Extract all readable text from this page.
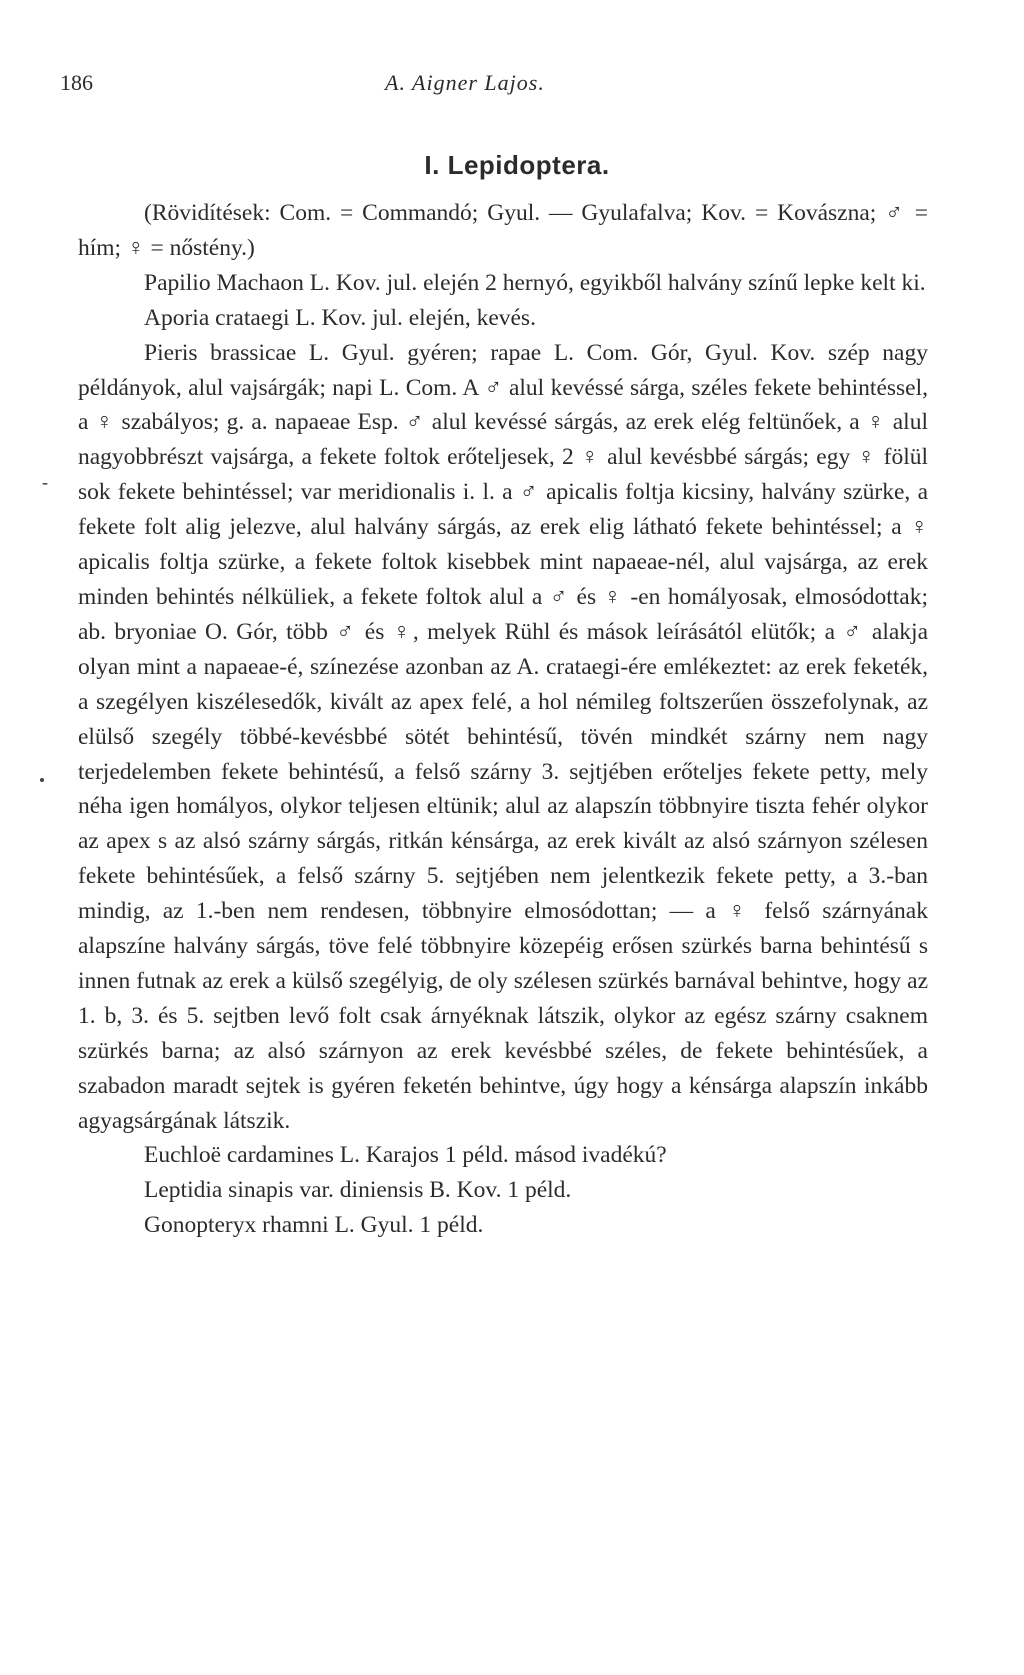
186	A. Aigner Lajos.
I. Lepidoptera.
-

(Rövidítések: Com. = Commandó; Gyul. — Gyulafalva; Kov. = Kovászna; ♂ = hím; ♀ = nőstény.)

Papilio Machaon L. Kov. jul. elején 2 hernyó, egyikből halvány színű lepke kelt ki.

Aporia crataegi L. Kov. jul. elején, kevés.

Pieris brassicae L. Gyul. gyéren; rapae L. Com. Gór, Gyul. Kov. szép nagy példányok, alul vajsárgák; napi L. Com. A ♂ alul kevéssé sárga, széles fekete behintéssel, a ♀ szabályos; g. a. napaeae Esp. ♂ alul kevéssé sárgás, az erek elég feltünőek, a ♀ alul nagyobbrészt vajsárga, a fekete foltok erőteljesek, 2 ♀ alul kevésbbé sárgás; egy ♀ fölül sok fekete behintéssel; var meridionalis i. l. a ♂ apicalis foltja kicsiny, halvány szürke, a fekete folt alig jelezve, alul halvány sárgás, az erek elig látható fekete behintéssel; a ♀ apicalis foltja szürke, a fekete foltok kisebbek mint napaeae-nél, alul vajsárga, az erek minden behintés nélküliek, a fekete foltok alul a ♂ és ♀ -en homályosak, elmosódottak; ab. bryoniae O. Gór, több ♂ és ♀, melyek Rühl és mások leírásától elütők; a ♂ alakja olyan mint a napaeae-é, színezése azonban az A. crataegi-ére emlékeztet: az erek feketék, a szegélyen kiszélesedők, kivált az apex felé, a hol némileg foltszerűen összefolynak, az elülső szegély többé-kevésbbé sötét behintésű, tövén mindkét szárny nem nagy terjedelemben fekete behintésű, a felső szárny 3. sejtjében erőteljes fekete petty, mely néha igen homályos, olykor teljesen eltünik; alul az alapszín többnyire tiszta fehér olykor az apex s az alsó szárny sárgás, ritkán kénsárga, az erek kivált az alsó szárnyon szélesen fekete behintésűek, a felső szárny 5. sejtjében nem jelentkezik fekete petty, a 3.-ban mindig, az 1.-ben nem rendesen, többnyire elmosódottan; — a ♀ felső szárnyának alapszíne halvány sárgás, töve felé többnyire közepéig erősen szürkés barna behintésű s innen futnak az erek a külső szegélyig, de oly szélesen szürkés barnával behintve, hogy az 1. b, 3. és 5. sejtben levő folt csak árnyéknak látszik, olykor az egész szárny csaknem szürkés barna; az alsó szárnyon az erek kevésbbé széles, de fekete behintésűek, a szabadon maradt sejtek is gyéren feketén behintve, úgy hogy a kénsárga alapszín inkább agyagsárgának látszik.

Euchloë cardamines L. Karajos 1 péld. másod ivadékú?

Leptidia sinapis var. diniensis B. Kov. 1 péld.

Gonopteryx rhamni L. Gyul. 1 péld.
